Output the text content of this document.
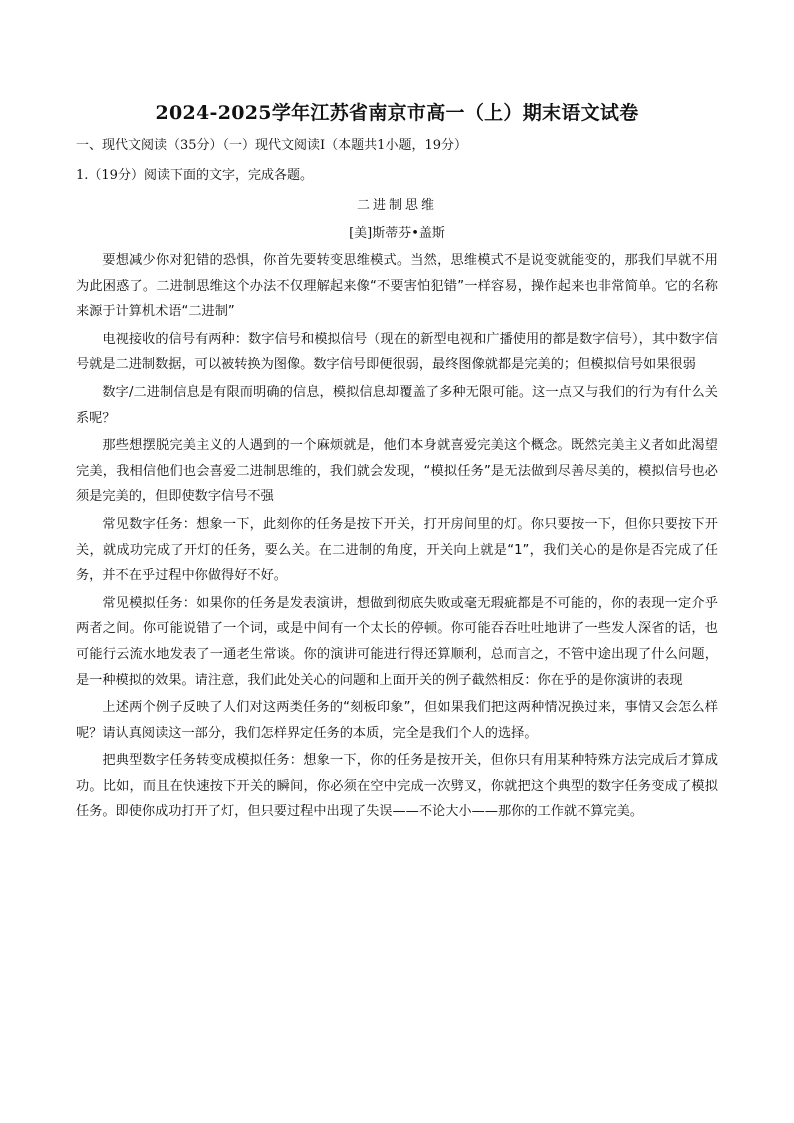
2024-2025学年江苏省南京市高一（上）期末语文试卷
一、现代文阅读（35分）（一）现代文阅读Ⅰ（本题共1小题，19分）
1.（19分）阅读下面的文字，完成各题。
二进制思维
[美]斯蒂芬•盖斯

要想减少你对犯错的恐惧，你首先要转变思维模式。当然，思维模式不是说变就能变的，那我们早就不用为此困惑了。二进制思维这个办法不仅理解起来像“不要害怕犯错”一样容易，操作起来也非常简单。它的名称来源于计算机术语“二进制”

电视接收的信号有两种：数字信号和模拟信号（现在的新型电视和广播使用的都是数字信号），其中数字信号就是二进制数据，可以被转换为图像。数字信号即便很弱，最终图像就都是完美的；但模拟信号如果很弱

数字/二进制信息是有限而明确的信息，模拟信息却覆盖了多种无限可能。这一点又与我们的行为有什么关系呢？

那些想摆脱完美主义的人遇到的一个麻烦就是，他们本身就喜爱完美这个概念。既然完美主义者如此渴望完美，我相信他们也会喜爱二进制思维的，我们就会发现，“模拟任务”是无法做到尽善尽美的，模拟信号也必须是完美的，但即使数字信号不强

常见数字任务：想象一下，此刻你的任务是按下开关，打开房间里的灯。你只要按一下，但你只要按下开关，就成功完成了开灯的任务，要么关。在二进制的角度，开关向上就是“1”，我们关心的是你是否完成了任务，并不在乎过程中你做得好不好。

常见模拟任务：如果你的任务是发表演讲，想做到彻底失败或毫无瑕疵都是不可能的，你的表现一定介乎两者之间。你可能说错了一个词，或是中间有一个太长的停顿。你可能吞吞吐吐地讲了一些发人深省的话，也可能行云流水地发表了一通老生常谈。你的演讲可能进行得还算顺利，总而言之，不管中途出现了什么问题，是一种模拟的效果。请注意，我们此处关心的问题和上面开关的例子截然相反：你在乎的是你演讲的表现

上述两个例子反映了人们对这两类任务的“刻板印象”，但如果我们把这两种情况换过来，事情又会怎么样呢？请认真阅读这一部分，我们怎样界定任务的本质，完全是我们个人的选择。

把典型数字任务转变成模拟任务：想象一下，你的任务是按开关，但你只有用某种特殊方法完成后才算成功。比如，而且在快速按下开关的瞬间，你必须在空中完成一次劈叉，你就把这个典型的数字任务变成了模拟任务。即使你成功打开了灯，但只要过程中出现了失误——不论大小——那你的工作就不算完美。
